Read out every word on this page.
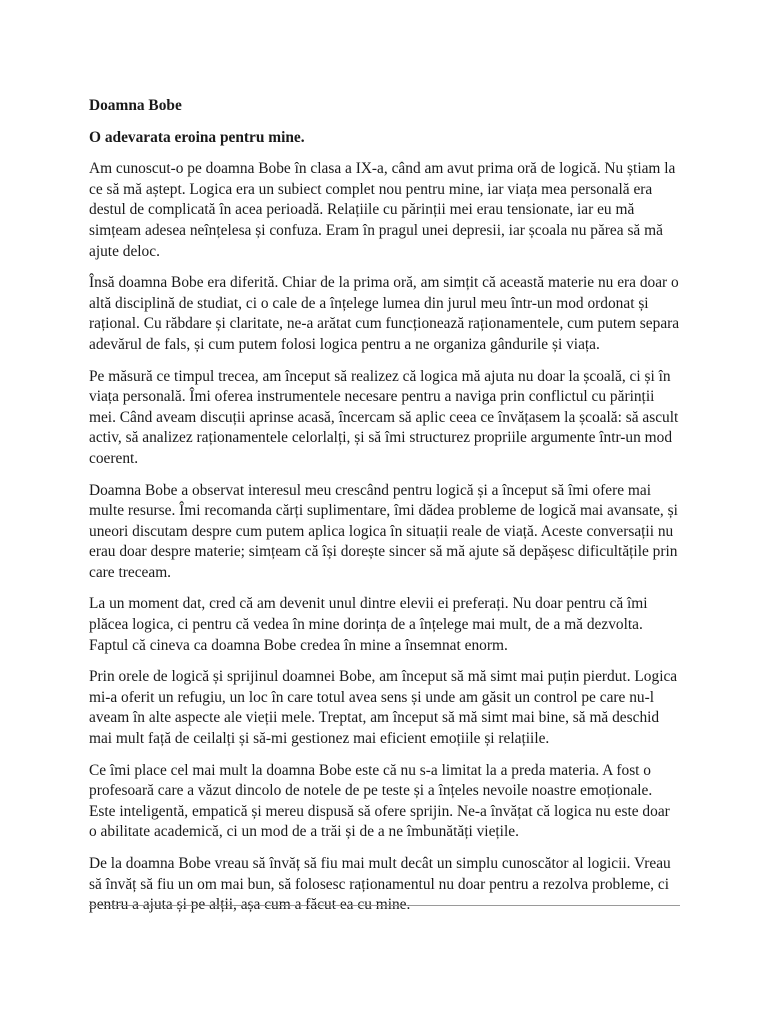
Doamna Bobe
O adevarata eroina pentru mine.

Am cunoscut-o pe doamna Bobe în clasa a IX-a, când am avut prima oră de logică. Nu știam la ce să mă aștept. Logica era un subiect complet nou pentru mine, iar viața mea personală era destul de complicată în acea perioadă. Relațiile cu părinții mei erau tensionate, iar eu mă simțeam adesea neînțelesa și confuza. Eram în pragul unei depresii, iar școala nu părea să mă ajute deloc.

Însă doamna Bobe era diferită. Chiar de la prima oră, am simțit că această materie nu era doar o altă disciplină de studiat, ci o cale de a înțelege lumea din jurul meu într-un mod ordonat și rațional. Cu răbdare și claritate, ne-a arătat cum funcționează raționamentele, cum putem separa adevărul de fals, și cum putem folosi logica pentru a ne organiza gândurile și viața.

Pe măsură ce timpul trecea, am început să realizez că logica mă ajuta nu doar la școală, ci și în viața personală. Îmi oferea instrumentele necesare pentru a naviga prin conflictul cu părinții mei. Când aveam discuții aprinse acasă, încercam să aplic ceea ce învățasem la școală: să ascult activ, să analizez raționamentele celorlalți, și să îmi structurez propriile argumente într-un mod coerent.

Doamna Bobe a observat interesul meu crescând pentru logică și a început să îmi ofere mai multe resurse. Îmi recomanda cărți suplimentare, îmi dădea probleme de logică mai avansate, și uneori discutam despre cum putem aplica logica în situații reale de viață. Aceste conversații nu erau doar despre materie; simțeam că își dorește sincer să mă ajute să depășesc dificultățile prin care treceam.

La un moment dat, cred că am devenit unul dintre elevii ei preferați. Nu doar pentru că îmi plăcea logica, ci pentru că vedea în mine dorința de a înțelege mai mult, de a mă dezvolta. Faptul că cineva ca doamna Bobe credea în mine a însemnat enorm.

Prin orele de logică și sprijinul doamnei Bobe, am început să mă simt mai puțin pierdut. Logica mi-a oferit un refugiu, un loc în care totul avea sens și unde am găsit un control pe care nu-l aveam în alte aspecte ale vieții mele. Treptat, am început să mă simt mai bine, să mă deschid mai mult față de ceilalți și să-mi gestionez mai eficient emoțiile și relațiile.

Ce îmi place cel mai mult la doamna Bobe este că nu s-a limitat la a preda materia. A fost o profesoară care a văzut dincolo de notele de pe teste și a înțeles nevoile noastre emoționale. Este inteligentă, empatică și mereu dispusă să ofere sprijin. Ne-a învățat că logica nu este doar o abilitate academică, ci un mod de a trăi și de a ne îmbunătăți viețile.

De la doamna Bobe vreau să învăț să fiu mai mult decât un simplu cunoscător al logicii. Vreau să învăț să fiu un om mai bun, să folosesc raționamentul nu doar pentru a rezolva probleme, ci pentru a ajuta și pe alții, așa cum a făcut ea cu mine.
